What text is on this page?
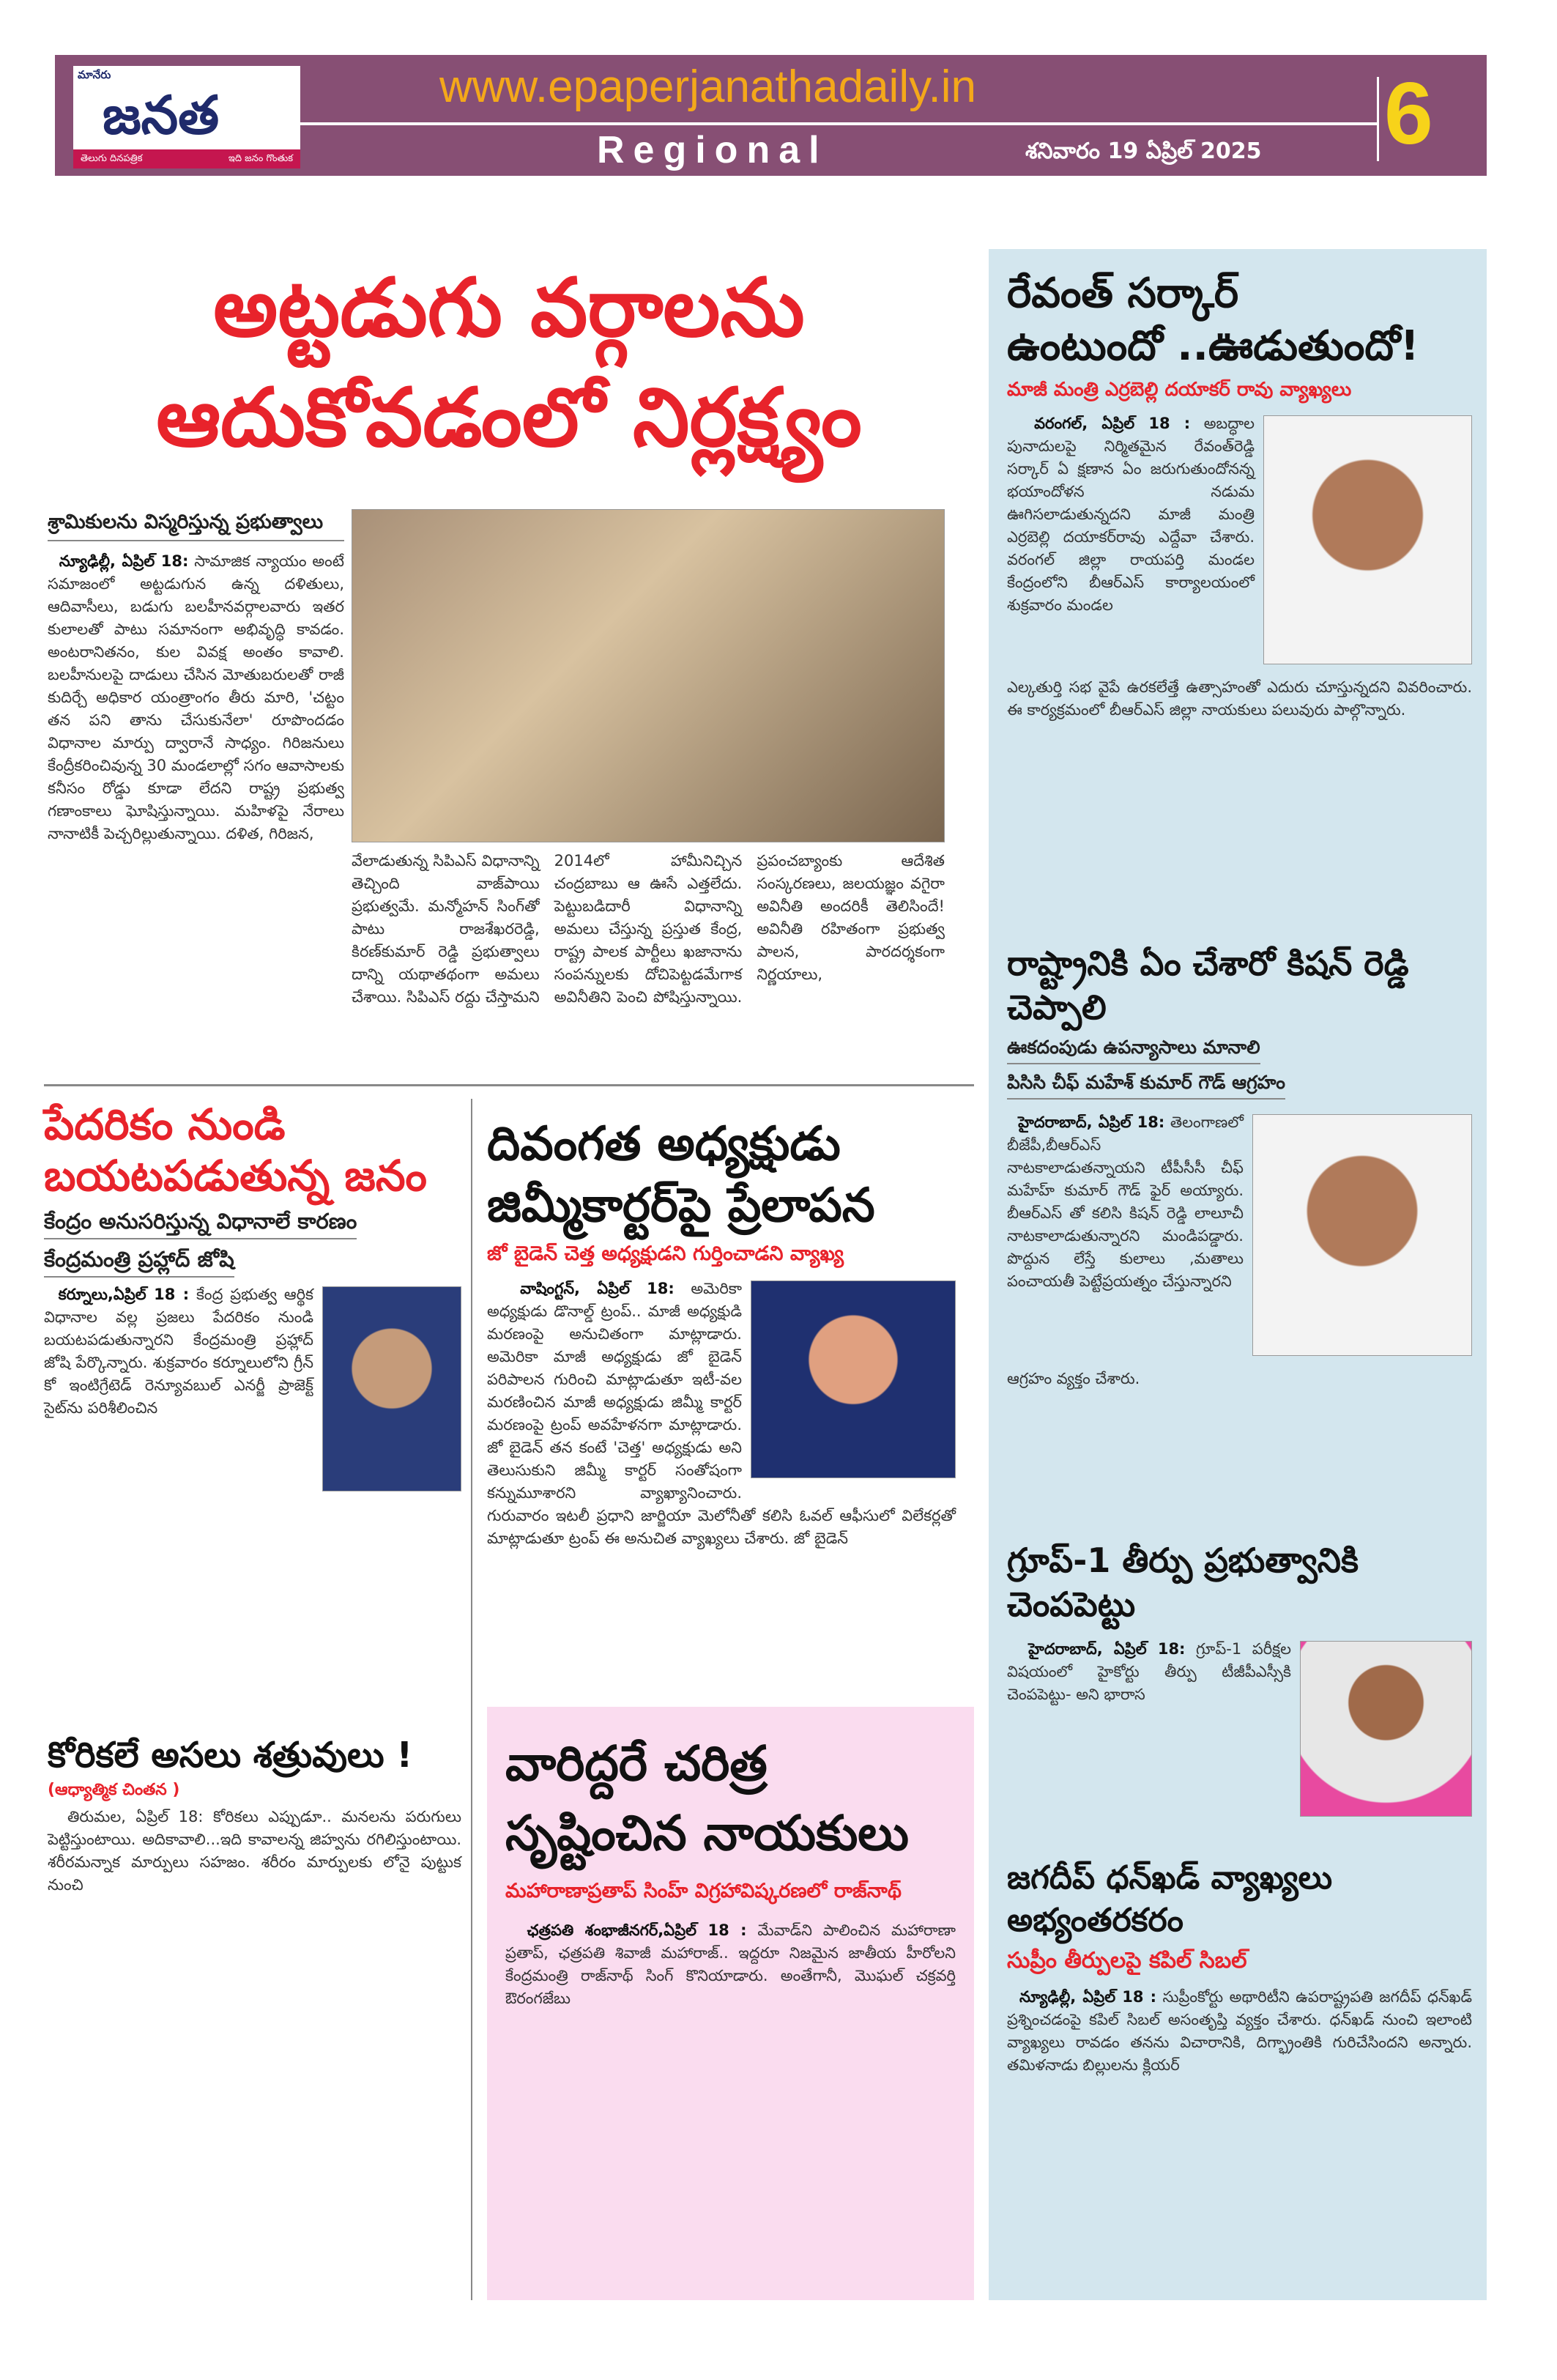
మానేరు
జనత
తెలుగు దినపత్రిక	ఇది జనం గొంతుక
www.epaperjanathadaily.in
Regional	శనివారం 19 ఏప్రిల్ 2025 6
అట్టడుగు వర్గాలను
ఆదుకోవడంలో నిర్లక్ష్యం
శ్రామికులను విస్మరిస్తున్న ప్రభుత్వాలు
న్యూఢిల్లీ, ఏప్రిల్ 18: సామాజిక న్యాయం అంటే సమాజంలో అట్టడుగున ఉన్న దళితులు, ఆదివాసీలు, బడుగు బలహీనవర్గాలవారు ఇతర కులాలతో పాటు సమానంగా అభివృద్ధి కావడం. అంటరానితనం, కుల వివక్ష అంతం కావాలి. బలహీనులపై దాడులు చేసిన మోతుబరులతో రాజీ కుదిర్చే అధికార యంత్రాంగం తీరు మారి, 'చట్టం తన పని తాను చేసుకునేలా' రూపొందడం విధానాల మార్పు ద్వారానే సాధ్యం. గిరిజనులు కేంద్రీకరించివున్న 30 మండలాల్లో సగం ఆవాసాలకు కనీసం రోడ్డు కూడా లేదని రాష్ట్ర ప్రభుత్వ గణాంకాలు ఘోషిస్తున్నాయి. మహిళపై నేరాలు నానాటికీ పెచ్చరిల్లుతున్నాయి. దళిత, గిరిజన,
వేలాడుతున్న సిపిఎస్ విధానాన్ని తెచ్చింది వాజ్‌పాయి ప్రభుత్వమే. మన్మోహన్ సింగ్‌తో పాటు రాజశేఖరరెడ్డి, కిరణ్‌కుమార్ రెడ్డి ప్రభుత్వాలు దాన్ని యథాతథంగా అమలు చేశాయి. సిపిఎస్ రద్దు చేస్తామని 2014లో హామీనిచ్చిన చంద్రబాబు ఆ ఊసే ఎత్తలేదు. పెట్టుబడిదారీ విధానాన్ని అమలు చేస్తున్న ప్రస్తుత కేంద్ర, రాష్ట్ర పాలక పార్టీలు ఖజానాను సంపన్నులకు దోచిపెట్టడమేగాక అవినీతిని పెంచి పోషిస్తున్నాయి. ప్రపంచబ్యాంకు ఆదేశిత సంస్కరణలు, జలయజ్ఞం వగైరా అవినీతి అందరికీ తెలిసిందే! అవినీతి రహితంగా ప్రభుత్వ పాలన, పారదర్శకంగా నిర్ణయాలు,
పేదరికం నుండి
బయటపడుతున్న జనం
కేంద్రం అనుసరిస్తున్న విధానాలే కారణం
కేంద్రమంత్రి ప్రహ్లాద్ జోషి
కర్నూలు,ఏప్రిల్ 18 : కేంద్ర ప్రభుత్వ ఆర్థిక విధానాల వల్ల ప్రజలు పేదరికం నుండి బయటపడుతున్నారని కేంద్రమంత్రి ప్రహ్లాద్ జోషి పేర్కొన్నారు. శుక్రవారం కర్నూలులోని గ్రీన్ కో ఇంటిగ్రేటెడ్ రెన్యూవబుల్ ఎనర్జీ ప్రాజెక్ట్ సైట్‌ను పరిశీలించిన
కోరికలే అసలు శత్రువులు !
(ఆధ్యాత్మిక చింతన )
తిరుమల, ఏప్రిల్ 18: కోరికలు ఎప్పుడూ.. మనలను పరుగులు పెట్టిస్తుంటాయి. అదికావాలి...ఇది కావాలన్న జిహ్వను రగిలిస్తుంటాయి. శరీరమన్నాక మార్పులు సహజం. శరీరం మార్పులకు లోనై పుట్టుక నుంచి
దివంగత అధ్యక్షుడు
జిమ్మీకార్టర్‌పై ప్రేలాపన
జో బైడెన్ చెత్త అధ్యక్షుడని గుర్తించాడని వ్యాఖ్య
వాషింగ్టన్, ఏప్రిల్ 18: అమెరికా అధ్యక్షుడు డొనాల్డ్ ట్రంప్.. మాజీ అధ్యక్షుడి మరణంపై అనుచితంగా మాట్లాడారు. అమెరికా మాజీ అధ్యక్షుడు జో బైడెన్ పరిపాలన గురించి మాట్లాడుతూ ఇటీ-వల మరణించిన మాజీ అధ్యక్షుడు జిమ్మీ కార్టర్ మరణంపై ట్రంప్ అవహేళనగా మాట్లాడారు. జో బైడెన్ తన కంటే 'చెత్త' అధ్యక్షుడు అని తెలుసుకుని జిమ్మీ కార్టర్ సంతోషంగా కన్నుమూశారని వ్యాఖ్యానించారు. గురువారం ఇటలీ ప్రధాని జార్జియా మెలోనీతో కలిసి ఓవల్ ఆఫీసులో విలేకర్లతో మాట్లాడుతూ ట్రంప్ ఈ అనుచిత వ్యాఖ్యలు చేశారు. జో బైడెన్
వారిద్దరే చరిత్ర
సృష్టించిన నాయకులు
మహారాణాప్రతాప్ సింహ్ విగ్రహావిష్కరణలో రాజ్‌నాథ్
ఛత్రపతి శంభాజీనగర్,ఏప్రిల్ 18 : మేవాడ్‌ని పాలించిన మహారాణా ప్రతాప్, ఛత్రపతి శివాజీ మహారాజ్.. ఇద్దరూ నిజమైన జాతీయ హీరోలని కేంద్రమంత్రి రాజ్‌నాథ్ సింగ్ కొనియాడారు. అంతేగానీ, మొఘల్ చక్రవర్తి ఔరంగజేబు
రేవంత్ సర్కార్
ఉంటుందో ..ఊడుతుందో!
మాజీ మంత్రి ఎర్రబెల్లి దయాకర్ రావు వ్యాఖ్యలు
వరంగల్, ఏప్రిల్ 18 : అబద్ధాల పునాదులపై నిర్మితమైన రేవంత్‌రెడ్డి సర్కార్ ఏ క్షణాన ఏం జరుగుతుందోనన్న భయాందోళన నడుమ ఊగిసలాడుతున్నదని మాజీ మంత్రి ఎర్రబెల్లి దయాకర్‌రావు ఎద్దేవా చేశారు. వరంగల్ జిల్లా రాయపర్తి మండల కేంద్రంలోని బీఆర్ఎస్ కార్యాలయంలో శుక్రవారం మండల
ఎల్కతుర్తి సభ వైపే ఉరకలేత్తే ఉత్సాహంతో ఎదురు చూస్తున్నదని వివరించారు. ఈ కార్యక్రమంలో బీఆర్ఎస్ జిల్లా నాయకులు పలువురు పాల్గొన్నారు.
రాష్ట్రానికి ఏం చేశారో కిషన్ రెడ్డి చెప్పాలి
ఊకదంపుడు ఉపన్యాసాలు మానాలి
పిసిసి చీఫ్ మహేశ్ కుమార్ గౌడ్ ఆగ్రహం
హైదరాబాద్, ఏప్రిల్ 18: తెలంగాణలో బీజేపీ,బీఆర్ఎస్ నాటకాలాడుతన్నాయని టీపీసీసీ చీఫ్ మహేహ్ కుమార్ గౌడ్ ఫైర్ అయ్యారు. బీఆర్ఎస్ తో కలిసి కిషన్ రెడ్డి లాలూచీ నాటకాలాడుతున్నారని మండిపడ్డారు. పొద్దున లేస్తే కులాలు ,మతాలు పంచాయతీ పెట్టేప్రయత్నం చేస్తున్నారని
ఆగ్రహం వ్యక్తం చేశారు.
గ్రూప్-1 తీర్పు ప్రభుత్వానికి చెంపపెట్టు
హైదరాబాద్, ఏప్రిల్ 18: గ్రూప్-1 పరీక్షల విషయంలో హైకోర్టు తీర్పు టీజీపీఎస్సీకి చెంపపెట్టు- అని భారాస
జగదీప్ ధన్‌ఖడ్ వ్యాఖ్యలు అభ్యంతరకరం
సుప్రీం తీర్పులపై కపిల్ సిబల్
న్యూఢిల్లీ, ఏప్రిల్ 18 : సుప్రీంకోర్టు అథారిటీని ఉపరాష్ట్రపతి జగదీప్ ధన్‌ఖడ్ ప్రశ్నించడంపై కపిల్ సిబల్ అసంతృప్తి వ్యక్తం చేశారు. ధన్‌ఖడ్ నుంచి ఇలాంటి వ్యాఖ్యలు రావడం తనను విచారానికి, దిగ్భ్రాంతికి గురిచేసిందని అన్నారు. తమిళనాడు బిల్లులను క్లియర్
